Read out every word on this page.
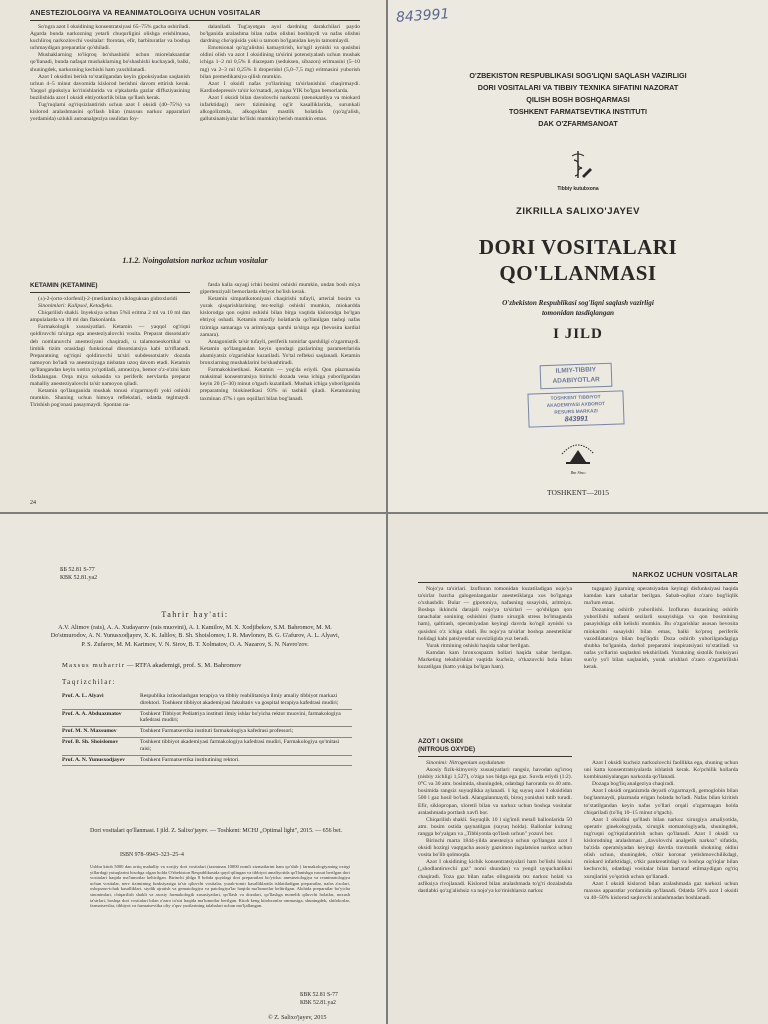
ANESTEZIOLOGIYA VA REANIMATOLOGIYA UCHUN VOSITALAR

So'ngra azot I oksidining konsentratsiyasi 65–75% gacha oshiriladi. Agarda bunda narkozning yetarli chuqurligini olishga erishilmasa, kuchliroq narkozlovchi vositalar: ftorotan, efir, barbituratlar va boshqa uchmaydigan preparatlar qo'shiladi.

Mushaklarning to'liqroq bo'shashishi uchun miorelaksantlar qo'llanadi, bunda nafaqat mushaklarning bo'shashishi kuchayadi, balki, shuningdek, narkozning kechishi ham yaxshilanadi.

Azot I oksidini berish to'xtatilgandan keyin gipoksiyadan saqlanish uchun 4–5 minut davomida kislorod berishni davom ettirish kerak. Yaqqol gipoksiya ko'rinishlarida va o'pkalarda gazlar diffuziyasining buzilishida azot I oksidi ehtiyotkorlik bilan qo'llash kerak.

Tug'ruqlarni og'riqsizlantirish uchun azot I oksidi (40–75%) va kislorod aralashmasini qo'llash bilan (maxsus narkoz apparatlari yordamida) uzlukli autoanalgeziya usulidan foy-

dalaniladi. Tug'ayotgan ayol dardning darakchilari paydo bo'lganida aralashma bilan nafas olishni boshlaydi va nafas olishni dardning cho'qqisida yoki u tamom bo'lganidan keyin tamomlaydi.

Emotsional qo'zg'alishni kamaytirish, ko'ngil aynishi va qusishni oldini olish va azot I oksidining ta'sirini potensiyalash uchun mushak ichiga 1–2 ml 0,5% li diazepam (seduksen, sibazon) eritmasini (5–10 mg) va 2–3 ml 0,25% li droperidol (5,0–7,5 mg) eritmasini yuborish bilan premedikatsiya qilish mumkin.

Azot I oksidi nafas yo'llarining ta'sirlanishini chaqirmaydi. Kardiodepressiv ta'sir ko'rsatadi, ayniqsa YIK bo'lgan bemorlarda.

Azot I oksidi bilan davolovchi narkozni (stenokardiya va miokard infarktidagi) nerv tizimining og'ir kasalliklarida, surunkali alkogolizmda, alkogoldan mastlik holatida (qo'zg'alish, gallutsinatsiyalar bo'lishi mumkin) berish mumkin emas.

1.1.2. Noingalatsion narkoz uchun vositalar
KETAMIN (KETAMINE)

(±)-2-(orto-xlorfenil)-2-(metilamino) sikloguksan gidroxloridi

Sinonimlari: Kalipsol, Ketadjeks.

Chiqarilish shakli. Inyeksiya uchun 5%li eritma 2 ml va 10 ml dan ampulalarda va 10 ml dan flakonlarda.

Farmakologik xususiyatlari. Ketamin — yaqqol og'riqni qoldiruvchi ta'sirga ega anesteziyalovchi vosita. Preparat dissotsiativ deb nomlanuvchi anesteziyani chaqiradi, u talamoneokortikal va limbik tizim orasidagi funksional dissotsiatsiya kabi ta'riflanadi. Preparatning og'riqni qoldiruvchi ta'siri subdessotsiativ dozada namoyon bo'ladi va anesteziyaga nisbatan uzoq davom etadi. Ketamin qo'llangandan keyin xotira yo'qotiladi, amneziya, bemor o'z-o'zini kam ifodalangan. Orqa miya sohasida va periferik nervlarda preparat mahalliy anesteziyalovchi ta'sir namoyon qiladi.

Ketamin qo'llanganida mushak tonusi o'zgarmaydi yoki oshishi mumkin. Shuning uchun himoya reflekslari, odatda teglmaydi. Tirishish pog'onasi pasaymaydi. Spontan na-

fasda kalla suyagi ichki bosimi oshishi mumkin, undan bosh miya gipertenziyali bemorlarda ehtiyot bo'lish kerak.

Ketamin simpatikotoniyani chaqirishi tufayli, arterial bosim va yurak qisqarishlarining tez-tezligi oshishi mumkin, miokardda kislorodga qon oqimi oshishi bilan birga vaqtida kislorodga bo'lgan ehtiyoj oshadi. Ketamin maxfiy holatlarda qo'llanilgan tashqi nafas tizimiga samaraga va aritmiyaga qarshi ta'sirga ega (bevosita kardial zamara).

Antagonistik ta'sir tufayli, periferik tomirlar qarshiligi o'zgarmaydi. Ketamin qo'llangandan keyin qondagi gazlarining parametrlarida ahamiyatsiz o'zgarishlar kuzatiladi. Yo'tal refleksi saqlanadi. Ketamin bronxlarning mushaklarini bo'shashtiradi.

Farmakokinetikasi. Ketamin — yog'da eriydi. Qon plazmasida maksimal konsentratsiya birinchi dozada vena ichiga yuborilgandan keyin 20 (5–30) minut o'tgach kuzatiladi. Mushak ichiga yuborilganida preparatning biokinetikasi 93% ni tashkil qiladi. Ketaminning taxminan 47% i qon oqsillari bilan bog'lanadi.

24
843991
O'ZBEKISTON RESPUBLIKASI SOG'LIQNI SAQLASH VAZIRLIGI
DORI VOSITALARI VA TIBBIY TEXNIKA SIFATINI NAZORAT
QILISH BOSH BOSHQARMASI
TOSHKENT FARMATSEVTIKA INSTITUTI
DAK O'ZFARMSANOAT
Tibbiy kutubxona
ZIKRILLA SALIXO'JAYEV
DORI VOSITALARI
QO'LLANMASI
O'zbekiston Respublikasi sog'liqni saqlash vazirligi
tomonidan tasdiqlangan
I JILD
ILMIY-TIBBIY
ADABIYOTLAR
TOSHKENT TIBBIYOT
AKADEMIYASI AXBOROT
RESURS MARKAZI
843991
Ibn Sino
TOSHKENT—2015
ББ 52.81 S-77
КВК 52.81.ya2
Tahrir hay'ati:
A.V. Alimov (rais), A. A. Xudayarov (rais muovini), A. I. Kamilov, M. X. Xodjibekov, S.M. Bahromov, M. M. Do'stmurodov, A. N. Yunusxodjayev, X. K. Jalilov, B. Sh. Shoislomov, I. R. Mavlonov, B. G. G'afurov, A. L. Alyavi, P. S. Zufarov, M. M. Karimov, V. N. Sirov, B. T. Xolmatov, O. A. Nazarov, S. N. Navro'zov.
Maxsus muharrir — RTFA akademigi, prof. S. M. Bahromov
Taqrizchilar:
Prof. A. L. Alyavi	Respublika ixtisoslashgan terapiya va tibbiy reabilitatsiya ilmiy amaliy tibbiyot markazi direktori. Toshkent tibbiyot akademiyasi fakultativ va gospital terapiya kafedrasi mudiri;
Prof. A. A. Abduazmatov	Toshkent Tibbiyot Pediatriya instituti ilmiy ishlar bo'yicha rektor muovini, farmakologiya kafedrasi mudiri;
Prof. M. N. Maxsumov	Toshkent Farmatsevtika instituti farmakologiya kafedrasi professori;
Prof. B. Sh. Shoislomov	Toshkent tibbiyot akademiyasi farmakologiya kafedrasi mudiri, Farmakologiya qo'mitasi raisi;
Prof. A. N. Yunusxodjayev	Toshkent Farmatsevtika institutining rektori.
Dori vositalari qo'llanmasi. I jild. Z. Salixo'jayev. — Toshkent: MCHJ „Optimal light", 2015. — 656 bet.
ISBN 978–9943–323–25–4
Ushbu kitob 5000 dan ortiq mahalliy va xorijiy dori vositalari (taxminan 10000 nomli xizmatlarini ham qo'shib ) farmakologiyaning oxirgi yillardagi yutuqlarini hisobga olgan holda O'zbekiston Respublikasida qayd qilingan va tibbiyot amaliyotida qo'llanishga ruxsat berilgan dori vositalari haqida ma'lumotlar keltirilgan. Birinchi jildga 8 bobda quyidagi dori preparatlari bo'yicha: anesteziologiya va reanimatologiya uchun vositalar, nerv tizimining funksiyasiga ta'sir qiluvchi vositalar, yurak-tomir kasalliklarida ishlatiladigan preparatlar, nafas a'zolari, oshqozon-ichak kasalliklari, siydik ajratish va gematologiya va patologiya'lar haqida ma'lumotlar keltirilgan. Alohida preparatlar bo'yicha sinonimlari, chiqarilish shakli va asosiy farmakologik xususiyatlari, qo'llash va dozalari, qo'llashga monelik qiluvchi holatlar, noxush ta'sirlari, boshqa dori vositalari bilan o'zaro ta'siri haqida ma'lumotlar berilgan. Kitob keng kitobxonlar ommasiga, shuningdek, shifokorlar, farmatsevtlar, tibbiyot va farmatsevtika oliy o'quv yurtlarining talabalari uchun mo'ljallangan.
БВК 52.81 S-77
КВК 52.81.ya2
© Z. Salixo'jayev, 2015
NARKOZ UCHUN VOSITALAR

Nojo'ya ta'sirlari. Izofluran tomonidan kuzatiladigan nojo'ya ta'sirlar barcha galogenlanganlar anestetiklarga xos bo'lganga o'xshashdir. Bular — gipotoniya, nafasning susayishi, aritmiya. Boshqa ikkinchi darajali nojo'ya ta'sirlari — qo'shilgan qon tanachalar sonining oshishini (hatto xirurgik stress bo'lmaganda ham), qaltirash, operatsiyadan keyingi davrda ko'ngil aynishi va qusishni o'z ichiga oladi. Bu nojo'ya ta'sirlar boshqa anestetiklar holidagi kabi patsiyentlar suvsizligida yuz beradi.

Yurak ritmining oshishi haqida xabar berilgan.

Kamdan kam bronxospazm hollari haqida xabar berilgan. Marketing tekshirishlar vaqtida kuchsiz, o'tkazuvchi bola bilan kuzatilgan (hatto yukiga bo'lgan ham).

tugagan) jigarning operatsiyadan keyingi disfunksiyasi haqida kamdan kam xabarlar berilgan. Sabab-oqibat o'zaro bog'liqlik ma'lum emas.

Dozaning oshirib yuborilishi. Izofluran dozasining oshirib yuborilishi nafasni sezilarli susayishiga va qon bosimining pasayishiga olib kelishi mumkin. Bu o'zgarishlar asosan bevosita miokardni susayishi bilan emas, balki ko'proq periferik vazodilatatsiya bilan bog'liqdir. Doza oshirib yuborilgandagiga shubha bo'lganida, darhol preparatni inspiratsiyasi to'xtatiladi va nafas yo'llarini saqlashni tekshiriladi. Yurakning sistolik funksiyasi sun'iy yo'l bilan saqlanish, yurak urishlari o'zaro o'zgartirilishi kerak.

AZOT I OKSIDI
(NITROUS OXYDE)

Sinonimi: Nitrogenium oxydulatum

Asosiy fizik-kimyoviy xususiyatlari: rangsiz, havodan og'irroq (nisbiy zichligi 1,527), o'ziga xos hidga ega gaz. Suvda eriydi (1:2). 0°C va 30 atm. bosimida, shuningdek, odatdagi haroratda va 40 atm. bosimida rangsiz suyuqlikka aylanadi. 1 kg suyuq azot I oksididan 500 l gaz hosil bo'ladi. Alangalanmaydi, biroq yonishni tutib turadi. Efir, siklopropan, xloretil bilan va narkoz uchun boshqa vositalar aralashmada portlash xavfi bor.

Chiqarilish shakli. Suyuqlik 10 l sig'imli metall ballonlarida 50 atm. bosim ostida qaynatilgan (suyuq holda). Ballonlar kulrang rangga bo'yalgan va „Tibbiyotda qo'llash uchun" yozuvi bor.

Birinchi marta 1844-yilda anesteziya uchun qo'llangan azot I oksidi hozirgi vaqtgacha asosiy gazsimon ingalatsion narkoz uchun vosita bo'lib qolmoqda.

Azot I oksidining kichik konsentratsiyalari ham bo'lishi hissini („shodlantiruvchi gaz" nomi shundan) va yengil uyquchanlikni chaqiradi. Toza gaz bilan nafas olinganida tez narkoz holati va asfiksiya rivojlanadi. Kislorod bilan aralashmada to'g'ri dozalashda dastlabki qo'zg'alishsiz va nojo'ya ko'rinishlarsiz narkoz

Azot I oksidi kuchsiz narkozlovchi faollikka ega, shuning uchun uni katta konsentratsiyalarda ishlatish kerak. Ko'pchilik hollarda kombinatsiyalangan narkozda qo'llanadi.

Dozaga bog'liq analgeziya chaqiradi.

Azot I oksidi organizmda deyarli o'zgarmaydi, gemoglobin bilan bog'lanmaydi, plazmada erigan holatda bo'ladi. Nafas bilan kiritish to'xtatilgandan keyin nafas yo'llari orqali o'zgarmagan holda chiqariladi (to'liq 10–15 minut o'tgach).

Azot I oksidini qo'llash bilan narkoz xirurgiya amaliyotida, operativ ginekologiyada, xirurgik stomatologiyada, shuningdek, tug'ruqni og'riqsizlantirish uchun qo'llanadi. Azot I oksidi va kislorodning aralashmasi „davolovchi analgetik narkoz" sifatida, ba'zida operatsiyadan keyingi davrda travmatik shokning oldini olish uchun, shuningdek, o'tkir koronar yetishmovchilikdagi, miokard infarktidagi, o'tkir pankreatitdagi va boshqa og'riqlar bilan kechuvchi, odatdagi vositalar bilan bartaraf etilmaydigan og'riq xurujlarini yo'qotish uchun qo'llanadi.

Azot I oksidi kislorod bilan aralashmada gaz narkozi uchun maxsus apparatlar yordamida qo'llanadi. Odatda 50% azot I oksidi va 40–50% kislorod saqlovchi aralashmadan boshlanadi.
